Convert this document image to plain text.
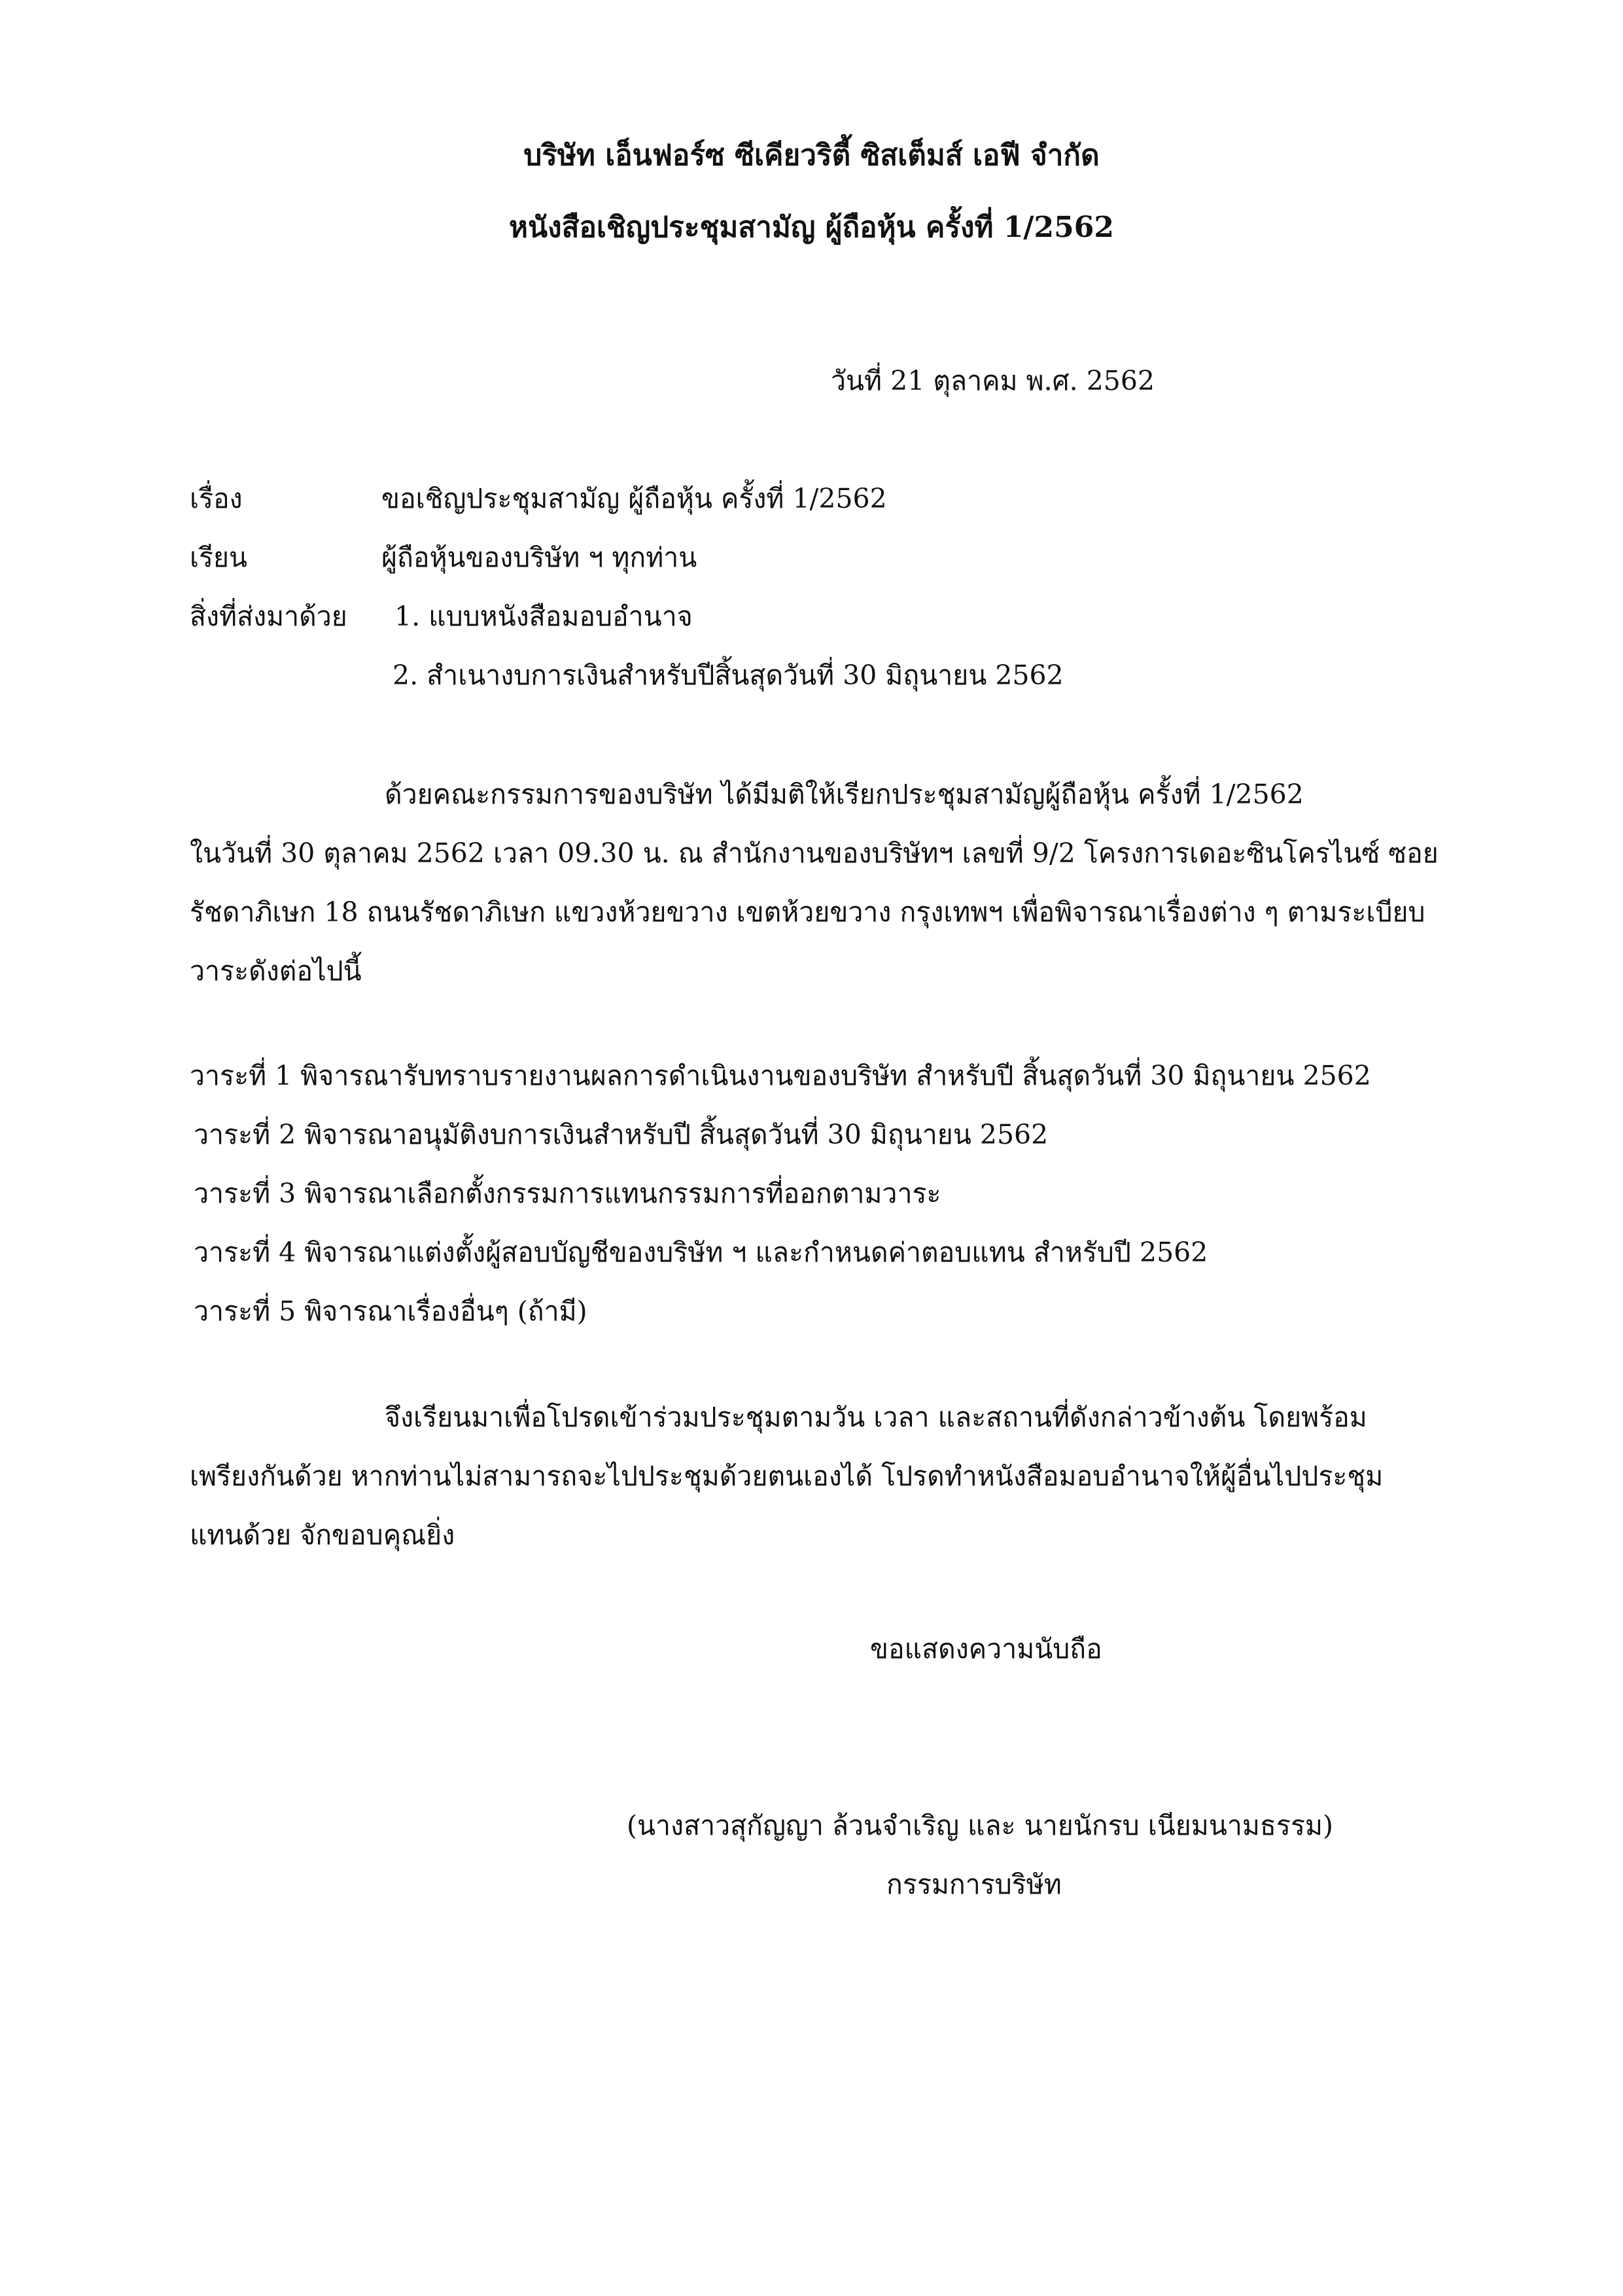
บริษัท เอ็นฟอร์ซ ซีเคียวริตี้ ซิสเต็มส์ เอฟี จำกัด
หนังสือเชิญประชุมสามัญ ผู้ถือหุ้น ครั้งที่ 1/2562
วันที่ 21 ตุลาคม พ.ศ. 2562
เรื่อง	ขอเชิญประชุมสามัญ ผู้ถือหุ้น ครั้งที่ 1/2562
เรียน	ผู้ถือหุ้นของบริษัท ฯ ทุกท่าน
สิ่งที่ส่งมาด้วย 1. แบบหนังสือมอบอำนาจ
2. สำเนางบการเงินสำหรับปีสิ้นสุดวันที่ 30 มิถุนายน 2562
ด้วยคณะกรรมการของบริษัท ได้มีมติให้เรียกประชุมสามัญผู้ถือหุ้น ครั้งที่ 1/2562
ในวันที่ 30 ตุลาคม 2562 เวลา 09.30 น. ณ สำนักงานของบริษัทฯ เลขที่ 9/2 โครงการเดอะซินโครไนซ์ ซอย
รัชดาภิเษก 18 ถนนรัชดาภิเษก แขวงห้วยขวาง เขตห้วยขวาง กรุงเทพฯ เพื่อพิจารณาเรื่องต่าง ๆ ตามระเบียบ
วาระดังต่อไปนี้
วาระที่ 1 พิจารณารับทราบรายงานผลการดำเนินงานของบริษัท สำหรับปี สิ้นสุดวันที่ 30 มิถุนายน 2562
วาระที่ 2 พิจารณาอนุมัติงบการเงินสำหรับปี สิ้นสุดวันที่ 30 มิถุนายน 2562
วาระที่ 3 พิจารณาเลือกตั้งกรรมการแทนกรรมการที่ออกตามวาระ
วาระที่ 4 พิจารณาแต่งตั้งผู้สอบบัญชีของบริษัท ฯ และกำหนดค่าตอบแทน สำหรับปี 2562
วาระที่ 5 พิจารณาเรื่องอื่นๆ (ถ้ามี)
จึงเรียนมาเพื่อโปรดเข้าร่วมประชุมตามวัน เวลา และสถานที่ดังกล่าวข้างต้น โดยพร้อม
เพรียงกันด้วย หากท่านไม่สามารถจะไปประชุมด้วยตนเองได้ โปรดทำหนังสือมอบอำนาจให้ผู้อื่นไปประชุม
แทนด้วย จักขอบคุณยิ่ง
ขอแสดงความนับถือ
(นางสาวสุกัญญา ล้วนจำเริญ และ นายนักรบ เนียมนามธรรม)
กรรมการบริษัท
